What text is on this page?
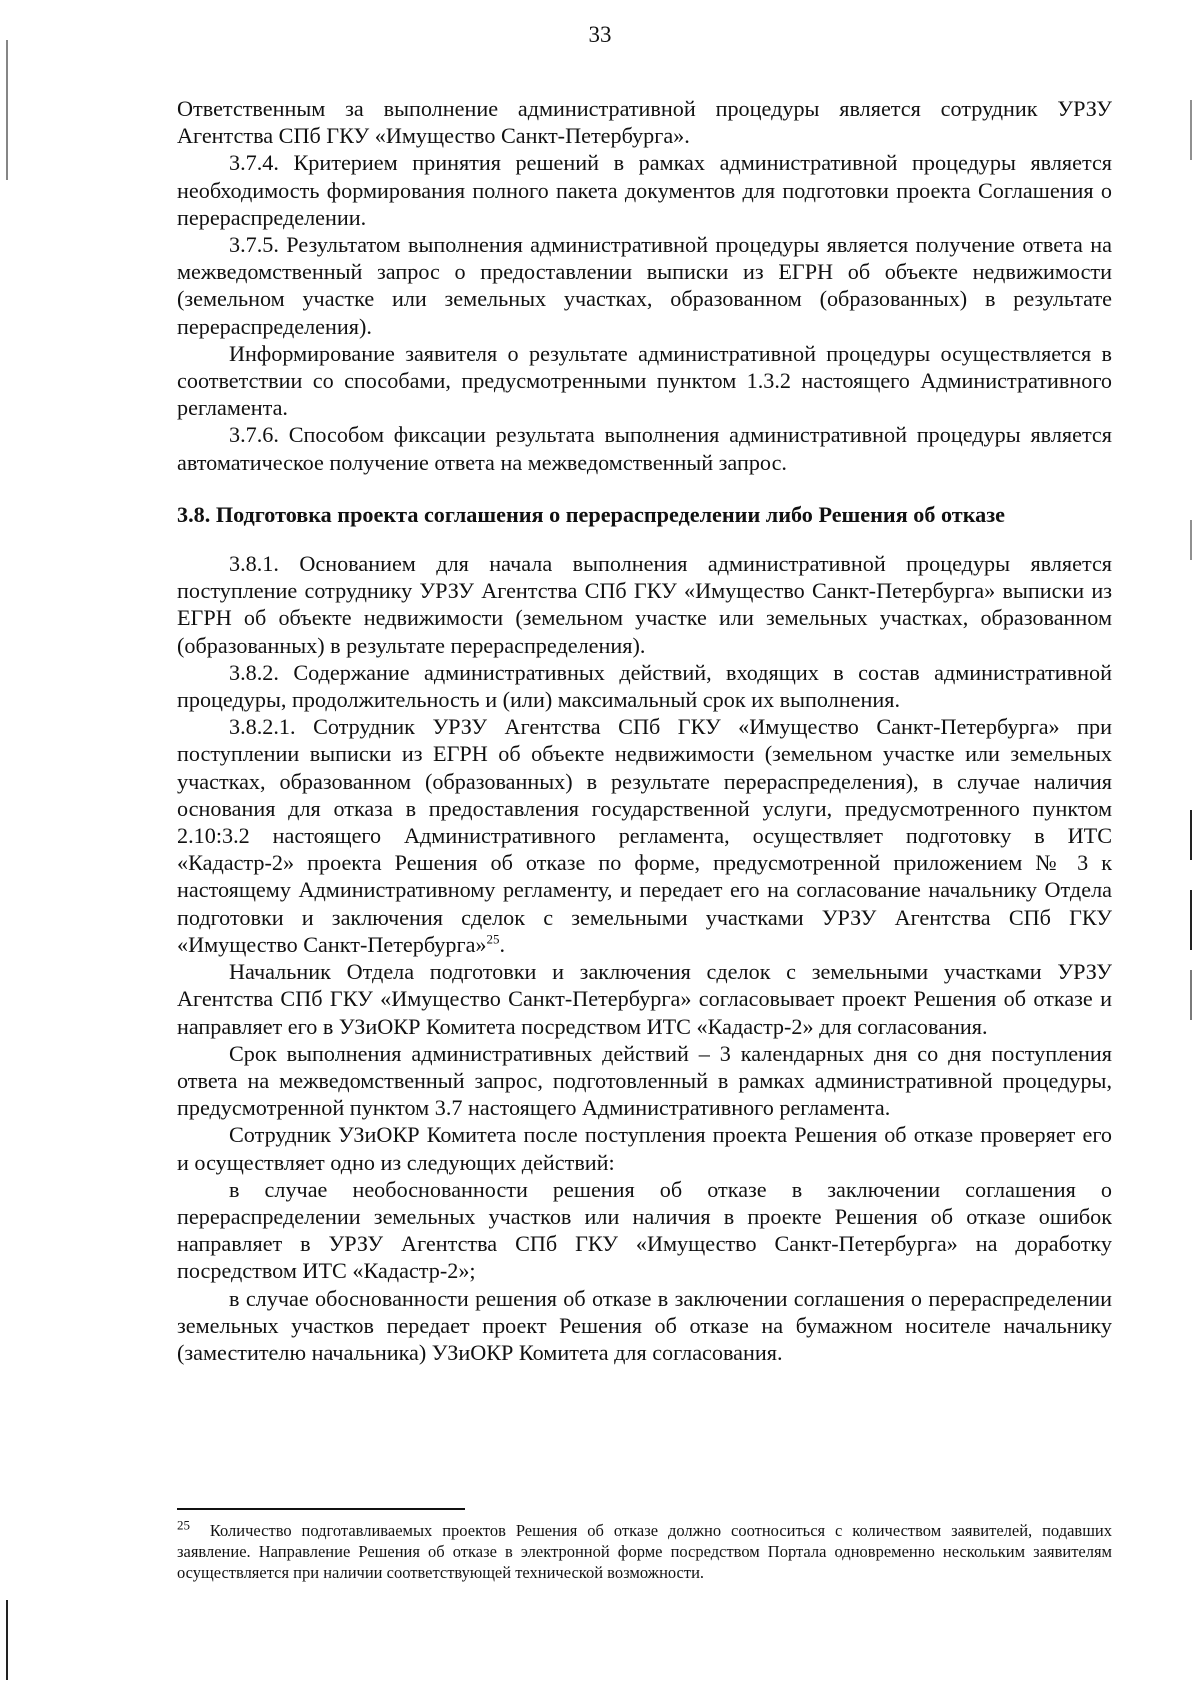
33

Ответственным за выполнение административной процедуры является сотрудник УРЗУ Агентства СПб ГКУ «Имущество Санкт-Петербурга».

3.7.4. Критерием принятия решений в рамках административной процедуры является необходимость формирования полного пакета документов для подготовки проекта Соглашения о перераспределении.

3.7.5. Результатом выполнения административной процедуры является получение ответа на межведомственный запрос о предоставлении выписки из ЕГРН об объекте недвижимости (земельном участке или земельных участках, образованном (образованных) в результате перераспределения).

Информирование заявителя о результате административной процедуры осуществляется в соответствии со способами, предусмотренными пунктом 1.3.2 настоящего Административного регламента.

3.7.6. Способом фиксации результата выполнения административной процедуры является автоматическое получение ответа на межведомственный запрос.

3.8. Подготовка проекта соглашения о перераспределении либо Решения об отказе

3.8.1. Основанием для начала выполнения административной процедуры является поступление сотруднику УРЗУ Агентства СПб ГКУ «Имущество Санкт-Петербурга» выписки из ЕГРН об объекте недвижимости (земельном участке или земельных участках, образованном (образованных) в результате перераспределения).

3.8.2. Содержание административных действий, входящих в состав административной процедуры, продолжительность и (или) максимальный срок их выполнения.

3.8.2.1. Сотрудник УРЗУ Агентства СПб ГКУ «Имущество Санкт-Петербурга» при поступлении выписки из ЕГРН об объекте недвижимости (земельном участке или земельных участках, образованном (образованных) в результате перераспределения), в случае наличия основания для отказа в предоставления государственной услуги, предусмотренного пунктом 2.10:3.2 настоящего Административного регламента, осуществляет подготовку в ИТС «Кадастр-2» проекта Решения об отказе по форме, предусмотренной приложением № 3 к настоящему Административному регламенту, и передает его на согласование начальнику Отдела подготовки и заключения сделок с земельными участками УРЗУ Агентства СПб ГКУ «Имущество Санкт-Петербурга»$^{25}$.

Начальник Отдела подготовки и заключения сделок с земельными участками УРЗУ Агентства СПб ГКУ «Имущество Санкт-Петербурга» согласовывает проект Решения об отказе и направляет его в УЗиОКР Комитета посредством ИТС «Кадастр-2» для согласования.

Срок выполнения административных действий – 3 календарных дня со дня поступления ответа на межведомственный запрос, подготовленный в рамках административной процедуры, предусмотренной пунктом 3.7 настоящего Административного регламента.

Сотрудник УЗиОКР Комитета после поступления проекта Решения об отказе проверяет его и осуществляет одно из следующих действий:

в случае необоснованности решения об отказе в заключении соглашения о перераспределении земельных участков или наличия в проекте Решения об отказе ошибок направляет в УРЗУ Агентства СПб ГКУ «Имущество Санкт-Петербурга» на доработку посредством ИТС «Кадастр-2»;

в случае обоснованности решения об отказе в заключении соглашения о перераспределении земельных участков передает проект Решения об отказе на бумажном носителе начальнику (заместителю начальника) УЗиОКР Комитета для согласования.

$^{25}$ Количество подготавливаемых проектов Решения об отказе должно соотноситься с количеством заявителей, подавших заявление. Направление Решения об отказе в электронной форме посредством Портала одновременно нескольким заявителям осуществляется при наличии соответствующей технической возможности.
